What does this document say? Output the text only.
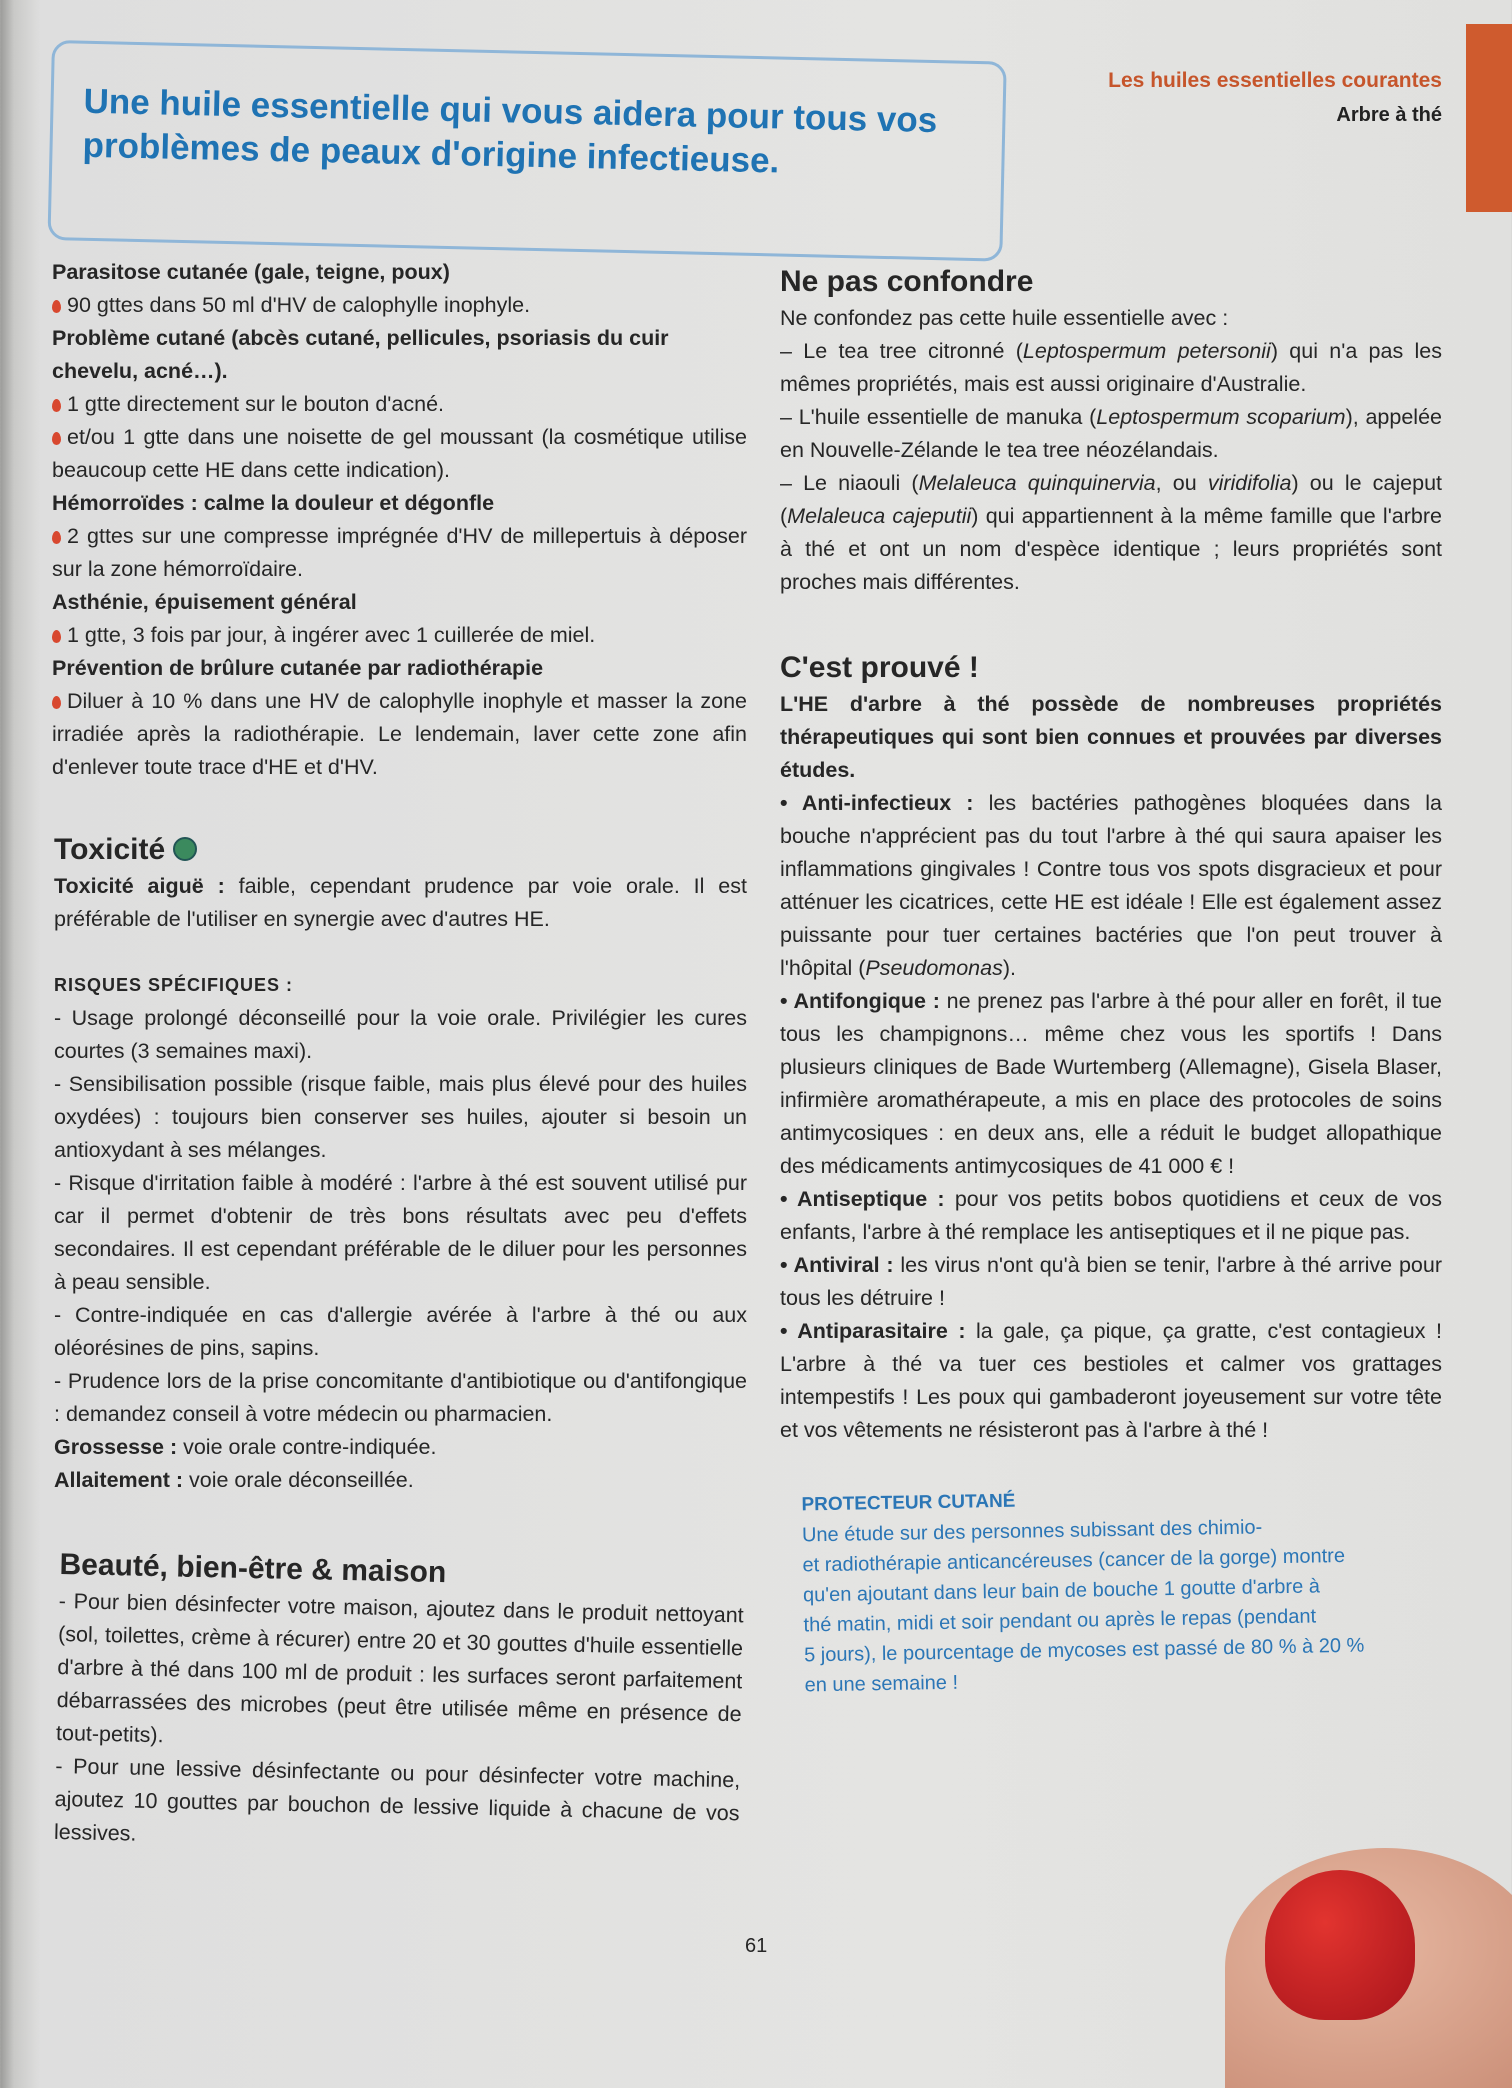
Une huile essentielle qui vous aidera pour tous vos problèmes de peaux d'origine infectieuse.
Les huiles essentielles courantes
Arbre à thé

Parasitose cutanée (gale, teigne, poux)

90 gttes dans 50 ml d'HV de calophylle inophyle.

Problème cutané (abcès cutané, pellicules, psoriasis du cuir chevelu, acné…).

1 gtte directement sur le bouton d'acné.

et/ou 1 gtte dans une noisette de gel moussant (la cosmétique utilise beaucoup cette HE dans cette indication).

Hémorroïdes : calme la douleur et dégonfle

2 gttes sur une compresse imprégnée d'HV de millepertuis à déposer sur la zone hémorroïdaire.

Asthénie, épuisement général

1 gtte, 3 fois par jour, à ingérer avec 1 cuillerée de miel.

Prévention de brûlure cutanée par radiothérapie

Diluer à 10 % dans une HV de calophylle inophyle et masser la zone irradiée après la radiothérapie. Le lendemain, laver cette zone afin d'enlever toute trace d'HE et d'HV.

Toxicité

Toxicité aiguë : faible, cependant prudence par voie orale. Il est préférable de l'utiliser en synergie avec d'autres HE.

RISQUES SPÉCIFIQUES :

- Usage prolongé déconseillé pour la voie orale. Privilégier les cures courtes (3 semaines maxi).

- Sensibilisation possible (risque faible, mais plus élevé pour des huiles oxydées) : toujours bien conserver ses huiles, ajouter si besoin un antioxydant à ses mélanges.

- Risque d'irritation faible à modéré : l'arbre à thé est souvent utilisé pur car il permet d'obtenir de très bons résultats avec peu d'effets secondaires. Il est cependant préférable de le diluer pour les personnes à peau sensible.

- Contre-indiquée en cas d'allergie avérée à l'arbre à thé ou aux oléorésines de pins, sapins.

- Prudence lors de la prise concomitante d'antibiotique ou d'antifongique : demandez conseil à votre médecin ou pharmacien.

Grossesse : voie orale contre-indiquée.

Allaitement : voie orale déconseillée.

Beauté, bien-être & maison

- Pour bien désinfecter votre maison, ajoutez dans le produit nettoyant (sol, toilettes, crème à récurer) entre 20 et 30 gouttes d'huile essentielle d'arbre à thé dans 100 ml de produit : les surfaces seront parfaitement débarrassées des microbes (peut être utilisée même en présence de tout-petits).

- Pour une lessive désinfectante ou pour désinfecter votre machine, ajoutez 10 gouttes par bouchon de lessive liquide à chacune de vos lessives.

Ne pas confondre

Ne confondez pas cette huile essentielle avec :

– Le tea tree citronné (Leptospermum petersonii) qui n'a pas les mêmes propriétés, mais est aussi originaire d'Australie.

– L'huile essentielle de manuka (Leptospermum scoparium), appelée en Nouvelle-Zélande le tea tree néozélandais.

– Le niaouli (Melaleuca quinquinervia, ou viridifolia) ou le cajeput (Melaleuca cajeputii) qui appartiennent à la même famille que l'arbre à thé et ont un nom d'espèce identique ; leurs propriétés sont proches mais différentes.

C'est prouvé !

L'HE d'arbre à thé possède de nombreuses propriétés thérapeutiques qui sont bien connues et prouvées par diverses études.

• Anti-infectieux : les bactéries pathogènes bloquées dans la bouche n'apprécient pas du tout l'arbre à thé qui saura apaiser les inflammations gingivales ! Contre tous vos spots disgracieux et pour atténuer les cicatrices, cette HE est idéale ! Elle est également assez puissante pour tuer certaines bactéries que l'on peut trouver à l'hôpital (Pseudomonas).

• Antifongique : ne prenez pas l'arbre à thé pour aller en forêt, il tue tous les champignons… même chez vous les sportifs ! Dans plusieurs cliniques de Bade Wurtemberg (Allemagne), Gisela Blaser, infirmière aromathérapeute, a mis en place des protocoles de soins antimycosiques : en deux ans, elle a réduit le budget allopathique des médicaments antimycosiques de 41 000 € !

• Antiseptique : pour vos petits bobos quotidiens et ceux de vos enfants, l'arbre à thé remplace les antiseptiques et il ne pique pas.

• Antiviral : les virus n'ont qu'à bien se tenir, l'arbre à thé arrive pour tous les détruire !

• Antiparasitaire : la gale, ça pique, ça gratte, c'est contagieux ! L'arbre à thé va tuer ces bestioles et calmer vos grattages intempestifs ! Les poux qui gambaderont joyeusement sur votre tête et vos vêtements ne résisteront pas à l'arbre à thé !

PROTECTEUR CUTANÉ

Une étude sur des personnes subissant des chimio-

et radiothérapie anticancéreuses (cancer de la gorge) montre

qu'en ajoutant dans leur bain de bouche 1 goutte d'arbre à

thé matin, midi et soir pendant ou après le repas (pendant

5 jours), le pourcentage de mycoses est passé de 80 % à 20 %

en une semaine !

61
